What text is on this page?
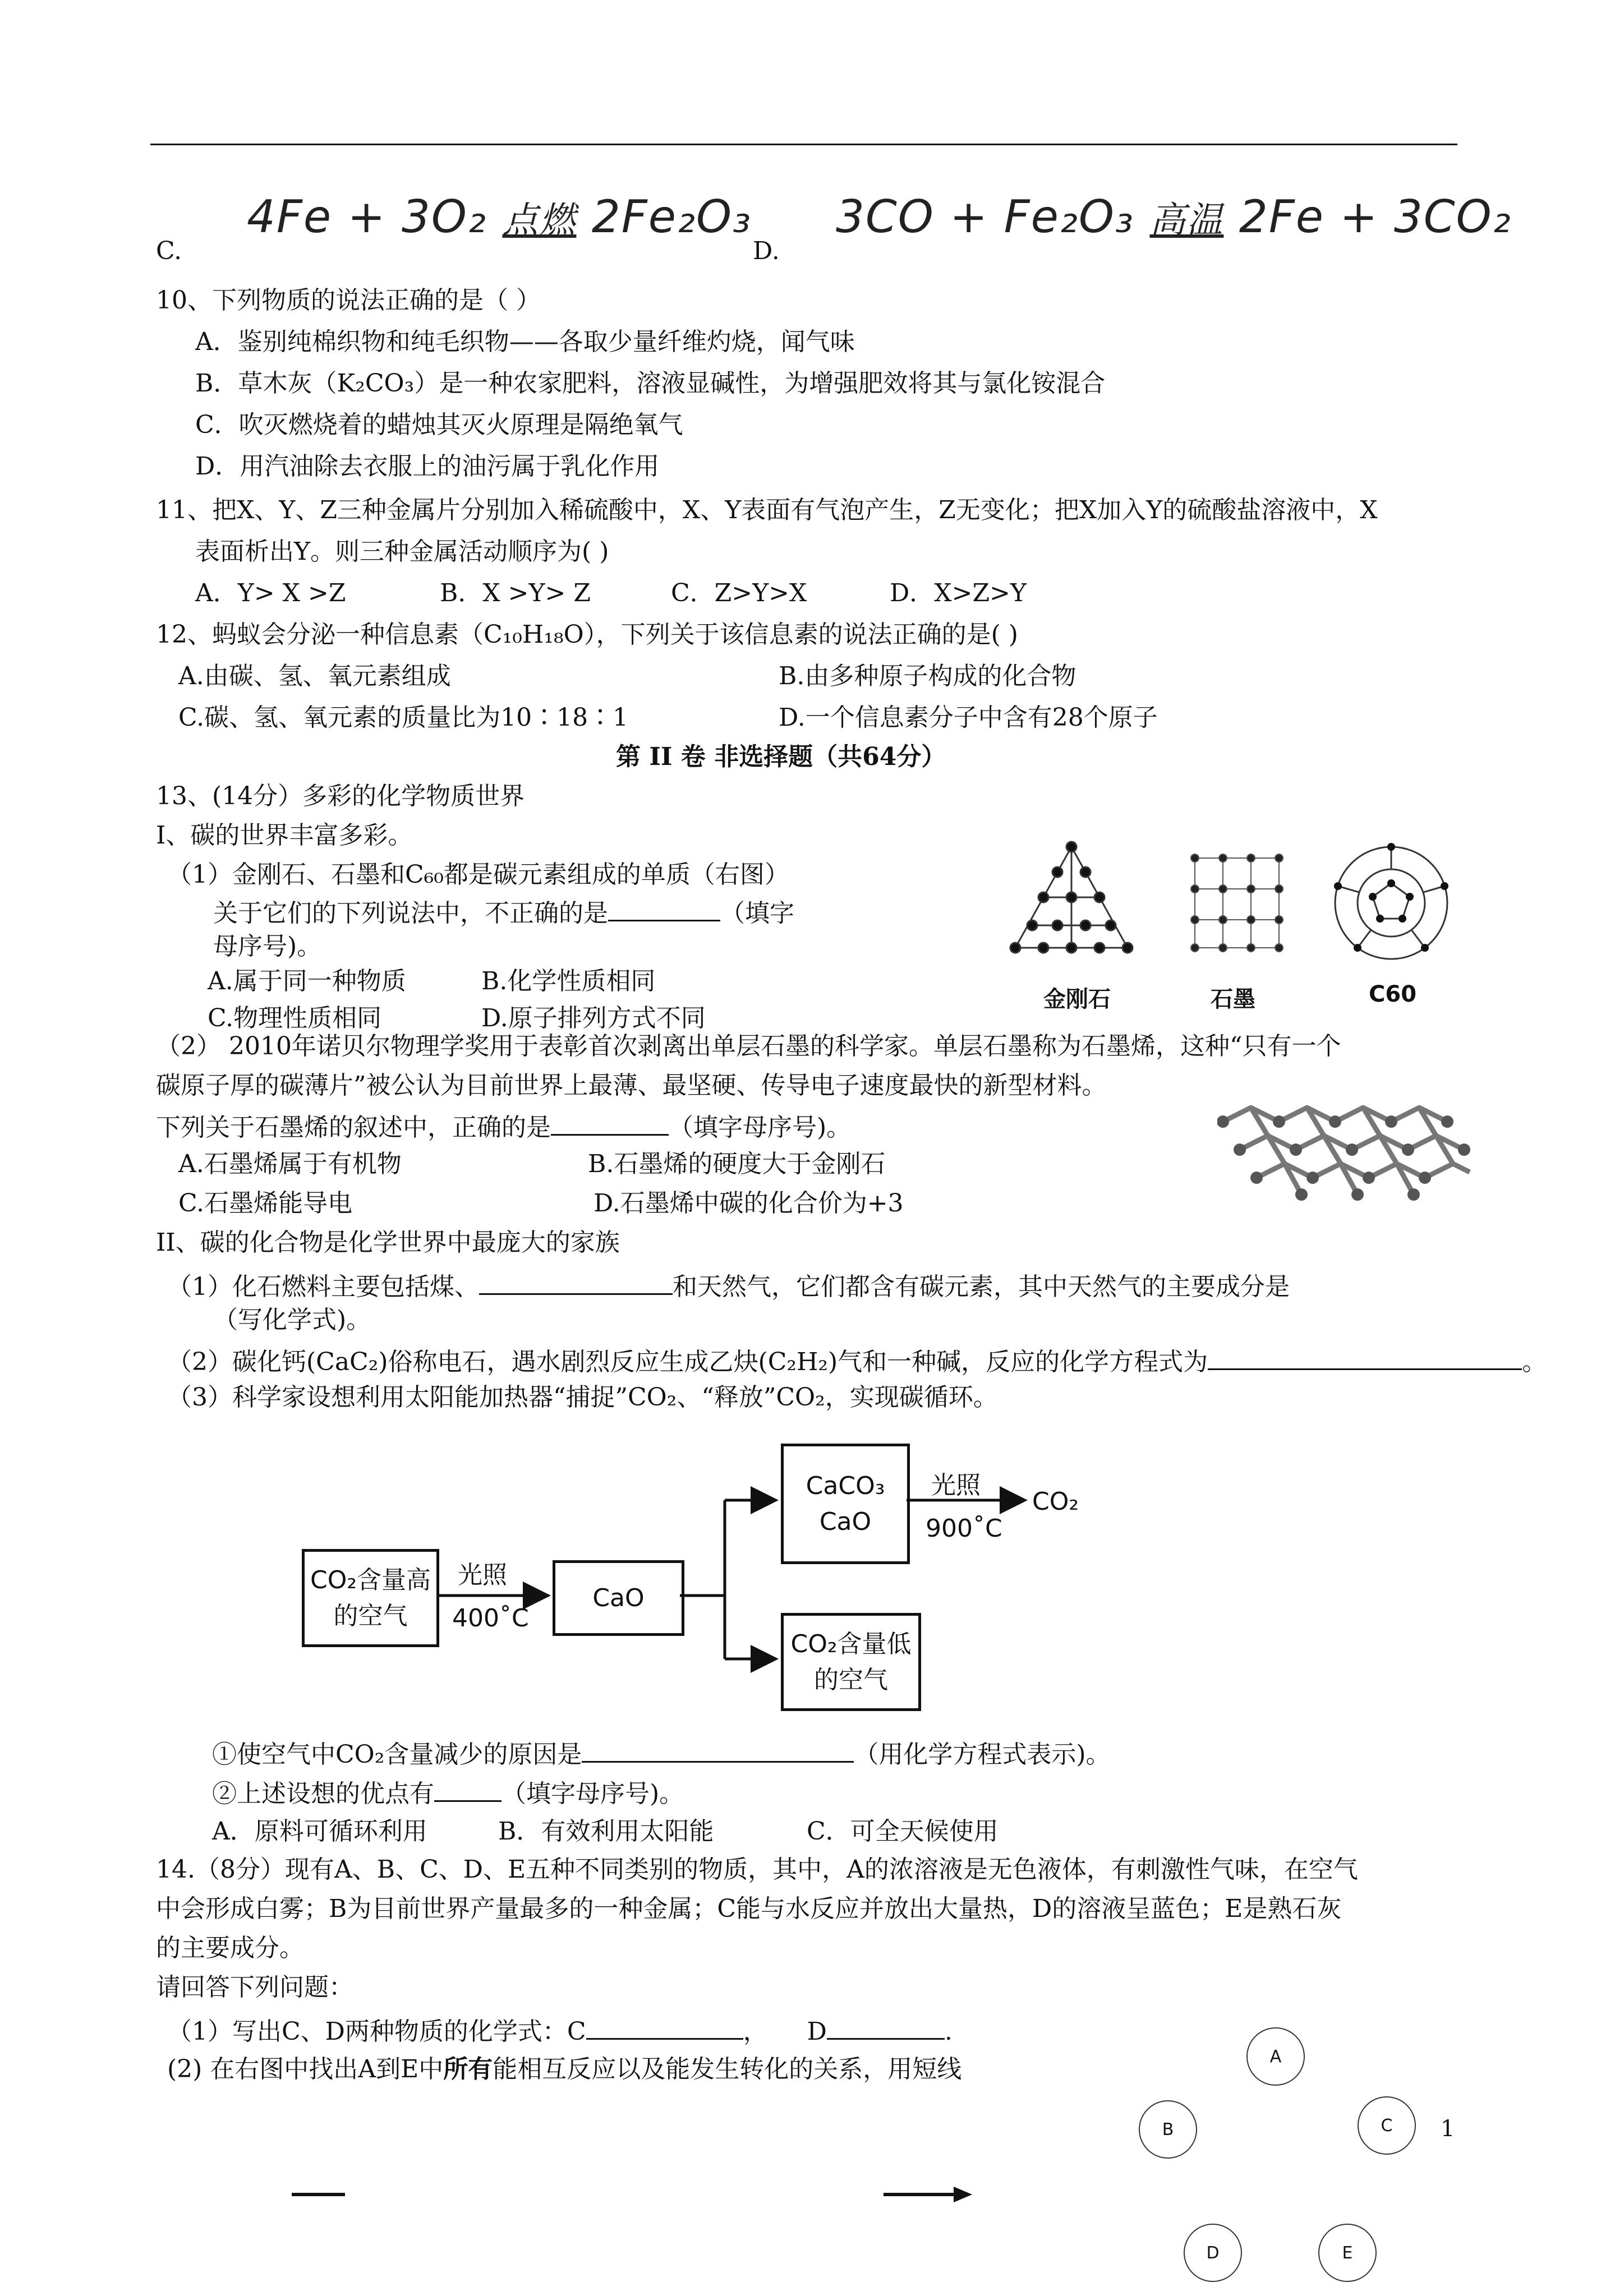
C.
4Fe + 3O₂ 点燃 2Fe₂O₃
D.
3CO + Fe₂O₃ 高温 2Fe + 3CO₂
10、下列物质的说法正确的是（ ）
A．鉴别纯棉织物和纯毛织物——各取少量纤维灼烧，闻气味
B．草木灰（K₂CO₃）是一种农家肥料，溶液显碱性，为增强肥效将其与氯化铵混合
C．吹灭燃烧着的蜡烛其灭火原理是隔绝氧气
D．用汽油除去衣服上的油污属于乳化作用
11、把X、Y、Z三种金属片分别加入稀硫酸中，X、Y表面有气泡产生，Z无变化；把X加入Y的硫酸盐溶液中，X
表面析出Y。则三种金属活动顺序为( )
A．Y> X >Z	B．X >Y> Z	C．Z>Y>X	D．X>Z>Y
12、蚂蚁会分泌一种信息素（C₁₀H₁₈O），下列关于该信息素的说法正确的是( )
A.由碳、氢、氧元素组成	B.由多种原子构成的化合物
C.碳、氢、氧元素的质量比为10∶18∶1	D.一个信息素分子中含有28个原子
第 II 卷 非选择题（共64分）
13、(14分）多彩的化学物质世界
I、碳的世界丰富多彩。
（1）金刚石、石墨和C₆₀都是碳元素组成的单质（右图）
关于它们的下列说法中，不正确的是	（填字
母序号)。
A.属于同一种物质	B.化学性质相同
C.物理性质相同	D.原子排列方式不同
金刚石	石墨	C60
（2） 2010年诺贝尔物理学奖用于表彰首次剥离出单层石墨的科学家。单层石墨称为石墨烯，这种“只有一个
碳原子厚的碳薄片”被公认为目前世界上最薄、最坚硬、传导电子速度最快的新型材料。
下列关于石墨烯的叙述中，正确的是	（填字母序号)。
A.石墨烯属于有机物	B.石墨烯的硬度大于金刚石
C.石墨烯能导电	D.石墨烯中碳的化合价为+3
II、碳的化合物是化学世界中最庞大的家族
（1）化石燃料主要包括煤、	和天然气，它们都含有碳元素，其中天然气的主要成分是
（写化学式)。
（2）碳化钙(CaC₂)俗称电石，遇水剧烈反应生成乙炔(C₂H₂)气和一种碱，反应的化学方程式为	。
（3）科学家设想利用太阳能加热器“捕捉”CO₂、“释放”CO₂，实现碳循环。
CO₂含量高
的空气
光照
400˚C
CaO
CaCO₃
CaO
光照
900˚C
CO₂
CO₂含量低
的空气
①使空气中CO₂含量减少的原因是	（用化学方程式表示)。
②上述设想的优点有	（填字母序号)。
A．原料可循环利用	B．有效利用太阳能	C．可全天候使用
14.（8分）现有A、B、C、D、E五种不同类别的物质，其中，A的浓溶液是无色液体，有刺激性气味，在空气
中会形成白雾；B为目前世界产量最多的一种金属；C能与水反应并放出大量热，D的溶液呈蓝色；E是熟石灰
的主要成分。
请回答下列问题：
（1）写出C、D两种物质的化学式：C	， D	.
(2) 在右图中找出A到E中所有能相互反应以及能发生转化的关系，用短线	A
B	C
D	E
1
